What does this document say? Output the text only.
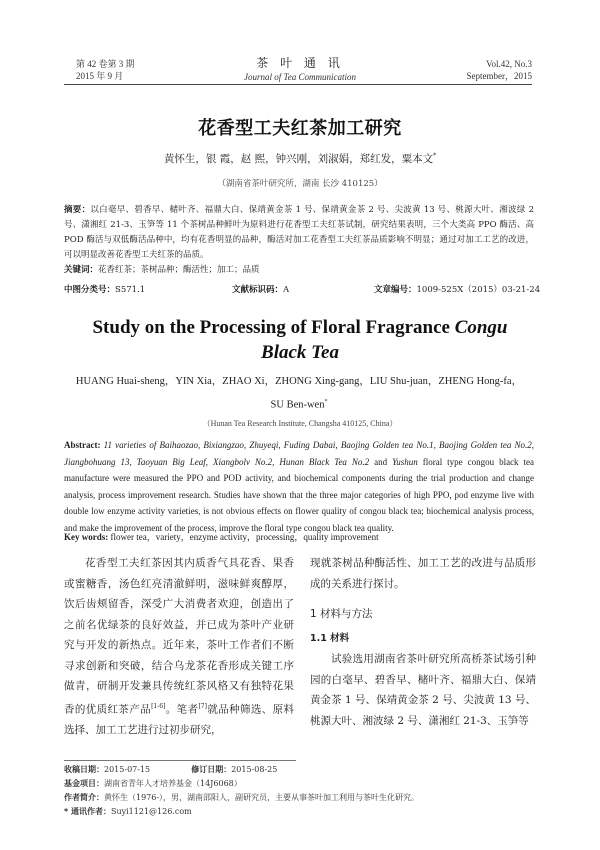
第 42 卷第 3 期
2015 年 9 月
茶 叶 通 讯
Journal of Tea Communication
Vol.42, No.3
September，2015
花香型工夫红茶加工研究
黄怀生，银 霞，赵 熙，钟兴刚，刘淑娟，郑红发，粟本文*
（湖南省茶叶研究所，湖南 长沙 410125）
摘要：以白毫早、碧香早、槠叶齐、福鼎大白、保靖黄金茶 1 号、保靖黄金茶 2 号、尖波黄 13 号、桃源大叶、湘波绿 2 号、潇湘红 21-3、玉笋等 11 个茶树品种鲜叶为原料进行花香型工夫红茶试制，研究结果表明，三个大类高 PPO 酶活、高 POD 酶活与双低酶活品种中，均有花香明显的品种，酶活对加工花香型工夫红茶品质影响不明显；通过对加工工艺的改进，可以明显改善花香型工夫红茶的品质。
关键词：花香红茶；茶树品种；酶活性；加工；品质
中图分类号：S571.1	文献标识码：A	文章编号：1009-525X（2015）03-21-24
Study on the Processing of Floral Fragrance Congu
Black Tea
HUANG Huai-sheng，YIN Xia，ZHAO Xi，ZHONG Xing-gang，LIU Shu-juan，ZHENG Hong-fa，
SU Ben-wen*
（Hunan Tea Research Institute, Changsha 410125, China）
Abstract: 11 varieties of Baihaozao, Bixiangzao, Zhuyeqi, Fuding Dabai, Baojing Golden tea No.1, Baojing Golden tea No.2, Jiangbohuang 13, Taoyuan Big Leaf, Xiangbolv No.2, Hunan Black Tea No.2 and Yushun floral type congou black tea manufacture were measured the PPO and POD activity, and biochemical components during the trial production and change analysis, process improvement research. Studies have shown that the three major categories of high PPO, pod enzyme live with double low enzyme activity varieties, is not obvious effects on flower quality of congou black tea; biochemical analysis process, and make the improvement of the process, improve the floral type congou black tea quality.
Key words: flower tea，variety，enzyme activity，processing，quality improvement
花香型工夫红茶因其内质香气具花香、果香或蜜糖香，汤色红亮清澈鲜明，滋味鲜爽醇厚，饮后齿颊留香，深受广大消费者欢迎，创造出了之前名优绿茶的良好效益，并已成为茶叶产业研究与开发的新热点。近年来，茶叶工作者们不断寻求创新和突破，结合乌龙茶花香形成关键工序做青，研制开发兼具传统红茶风格又有独特花果香的优质红茶产品[1-6]。笔者[7]就品种筛选、原料选择、加工工艺进行过初步研究，
现就茶树品种酶活性、加工工艺的改进与品质形成的关系进行探讨。
1 材料与方法
1.1 材料
试验选用湖南省茶叶研究所高桥茶试场引种园的白毫早、碧香早、槠叶齐、福鼎大白、保靖黄金茶 1 号、保靖黄金茶 2 号、尖波黄 13 号、桃源大叶、湘波绿 2 号、潇湘红 21-3、玉笋等
收稿日期：2015-07-15	修订日期：2015-08-25
基金项目：湖南省青年人才培养基金（14J6068）
作者简介：黄怀生（1976-），男，湖南邵阳人，副研究员，主要从事茶叶加工利用与茶叶生化研究。
* 通讯作者：Suyi1121@126.com
